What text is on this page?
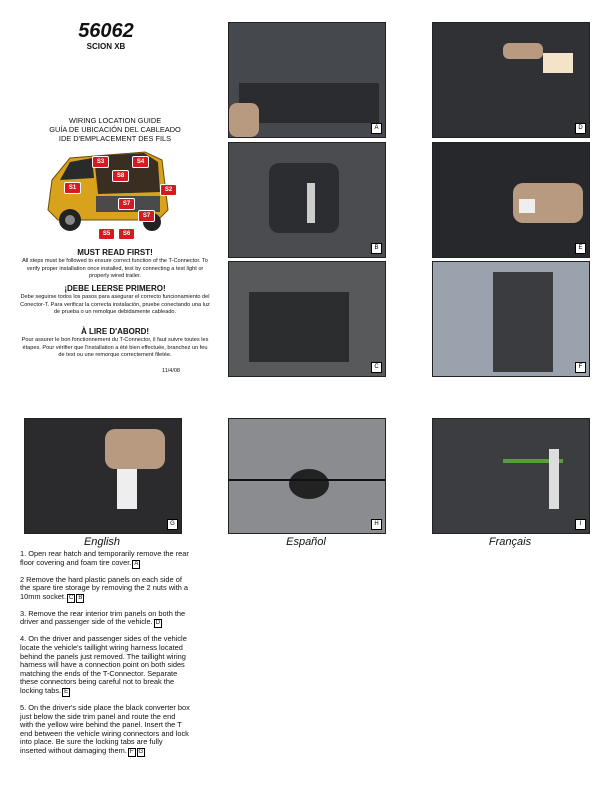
56062
SCION XB
WIRING LOCATION GUIDE
GUÍA DE UBICACIÓN DEL CABLEADO
IDE D'EMPLACEMENT DES FILS
S3	S4
S8
S1	S2
S7
S7
S5	S6
MUST READ FIRST!
All steps must be followed to ensure correct function of the T-Connector. To verify proper installation once installed, test by connecting a test light or properly wired trailer.
¡DEBE LEERSE PRIMERO!
Debe seguirse todos los pasos para asegurar el correcto funcionamiento del Conector-T. Para verificar la correcta instalación, pruebe conectando una luz de prueba o un remolque debidamente cableado.
À LIRE D'ABORD!
Pour assurer le bon fonctionnement du T-Connector, il faut suivre toutes les étapes. Pour vérifier que l'installation a été bien effectuée, branchez un feu de test ou une remorque correctement filetée.
11/4/08
A
B
C
D
E
F
G	H	I
English	Español	Français

1. Open rear hatch and temporarily remove the rear floor covering and foam tire cover. A

2 Remove the hard plastic panels on each side of the spare tire storage by removing the 2 nuts with a 10mm socket. C B

3. Remove the rear interior trim panels on both the driver and passenger side of the vehicle. D

4. On the driver and passenger sides of the vehicle locate the vehicle's taillight wiring harness located behind the panels just removed. The taillight wiring harness will have a connection point on both sides matching the ends of the T-Connector. Separate these connectors being careful not to break the locking tabs. E

5. On the driver's side place the black converter box just below the side trim panel and route the end with the yellow wire behind the panel. Insert the T end between the vehicle wiring connectors and lock into place. Be sure the locking tabs are fully inserted without damaging them. F G
